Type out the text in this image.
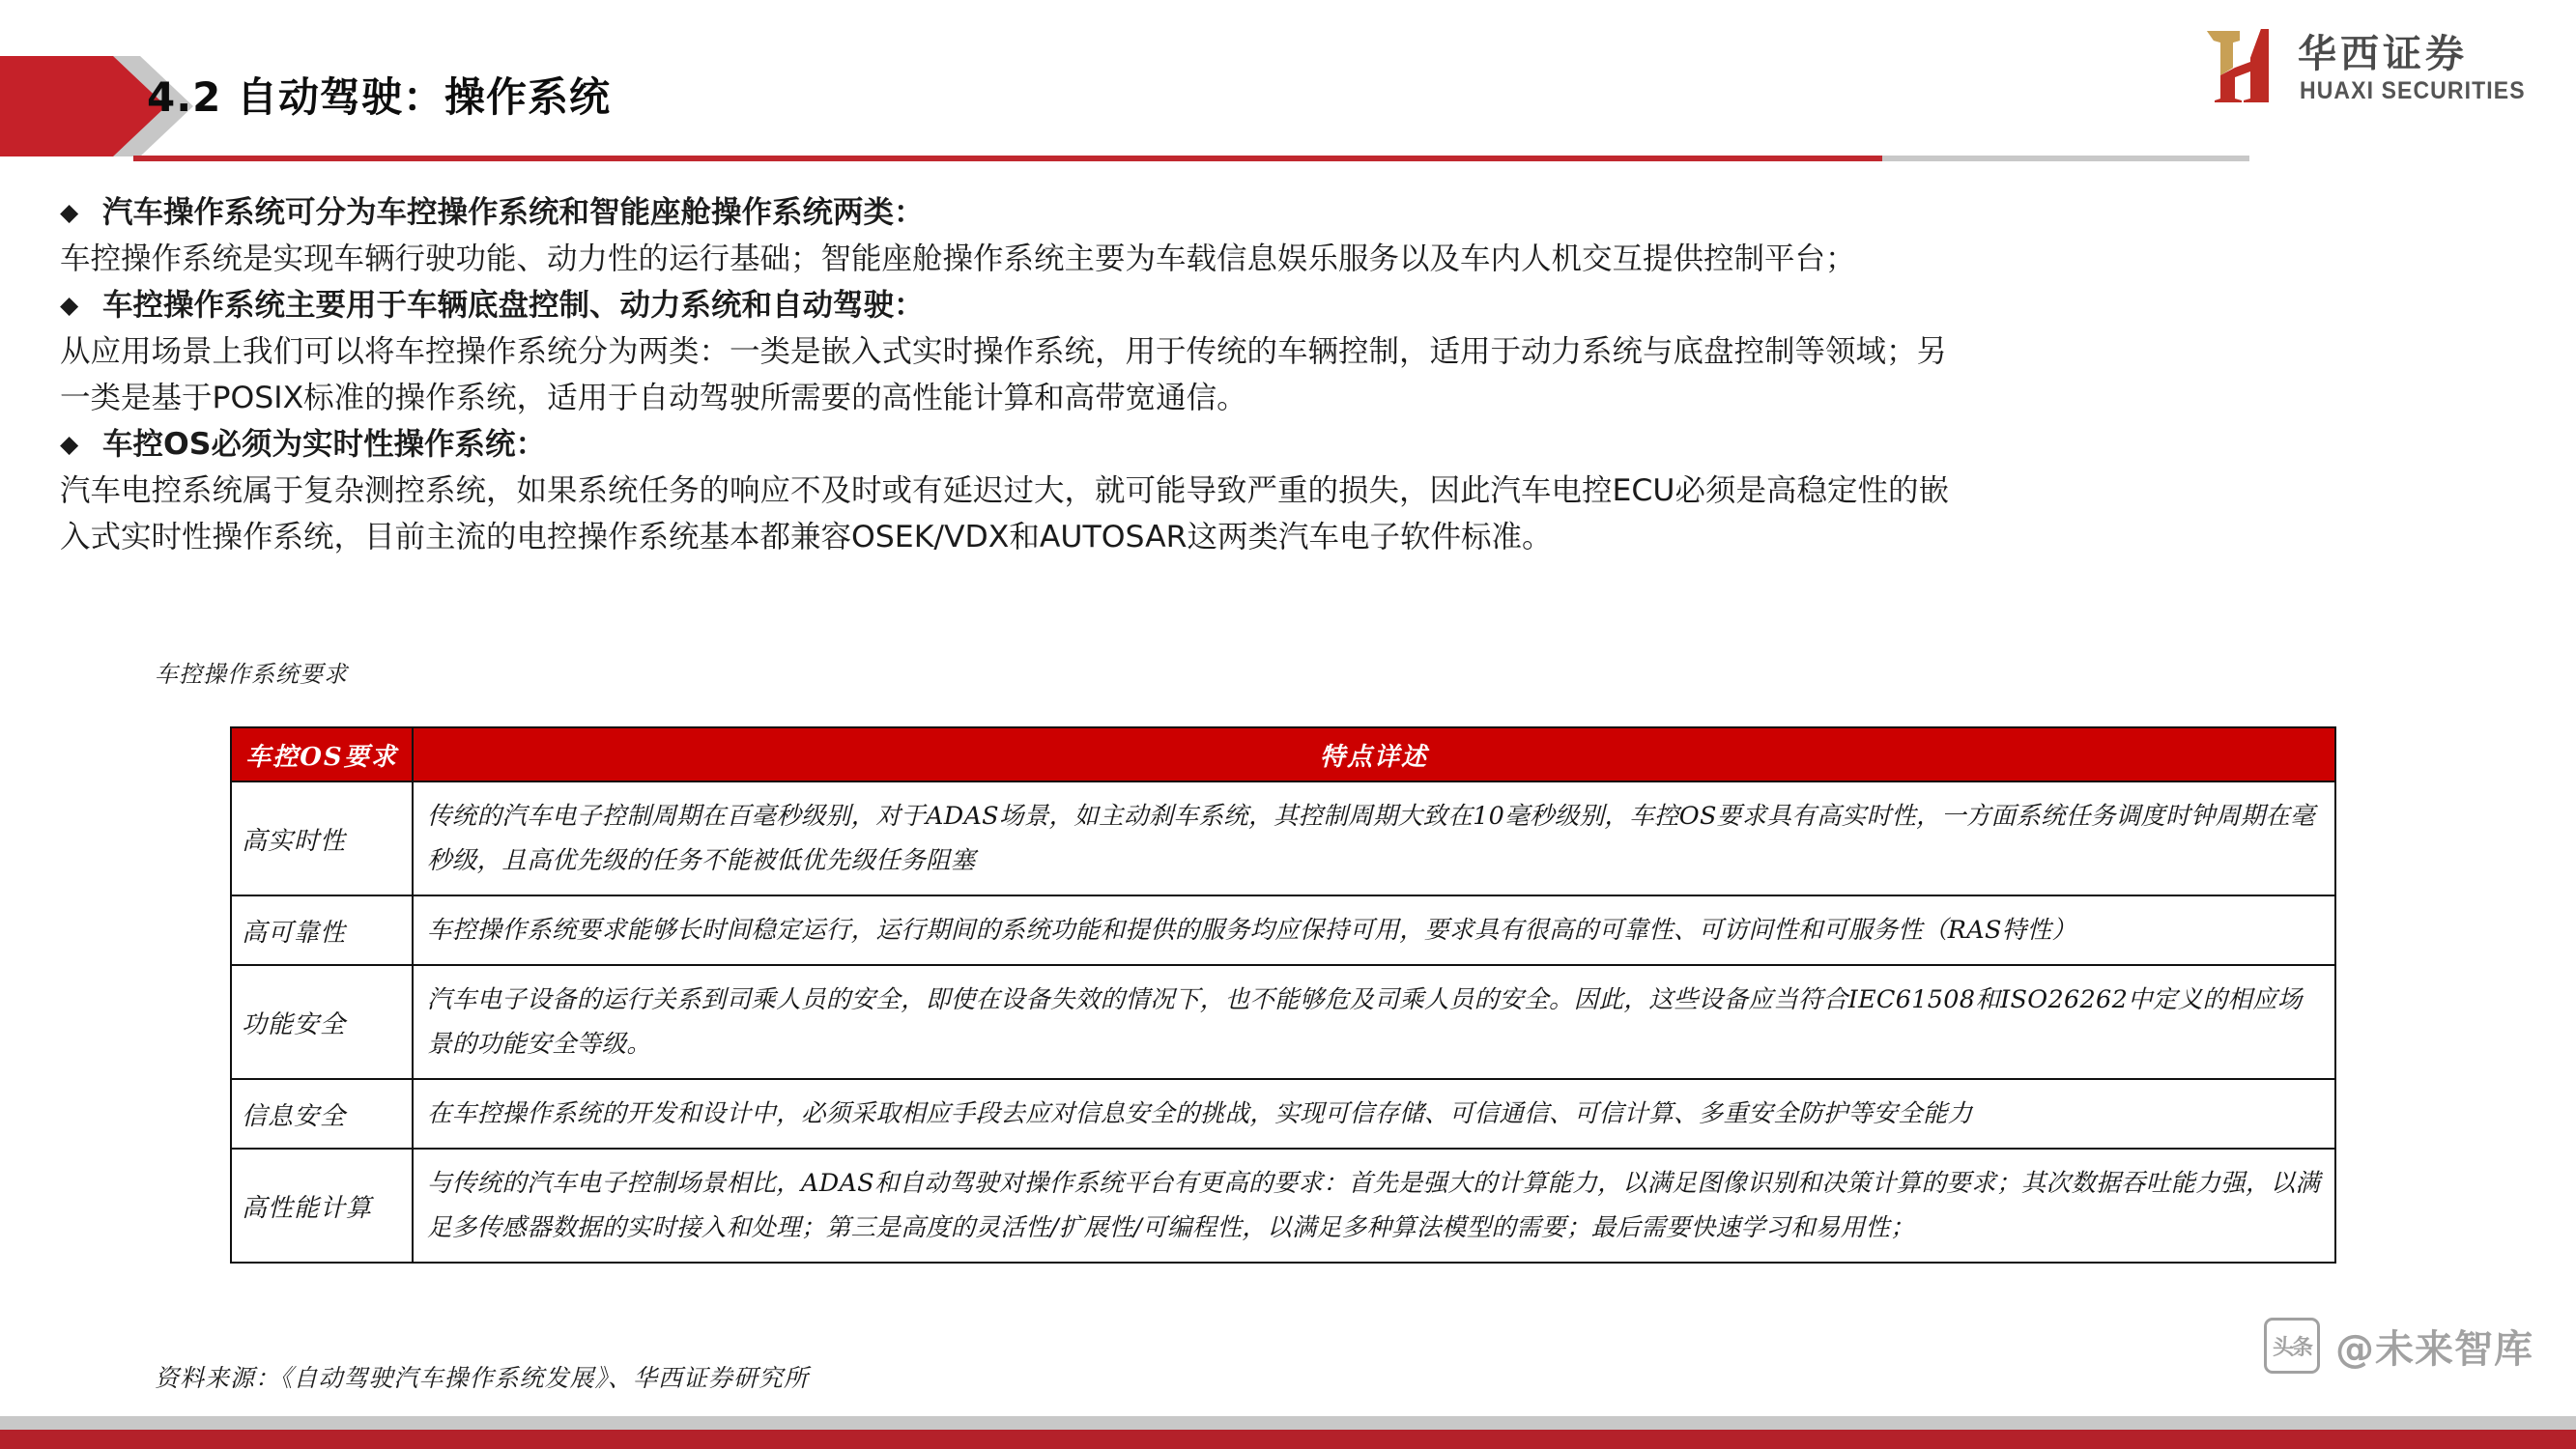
4.2 自动驾驶：操作系统
华西证券
HUAXI SECURITIES
◆ 汽车操作系统可分为车控操作系统和智能座舱操作系统两类：
车控操作系统是实现车辆行驶功能、动力性的运行基础；智能座舱操作系统主要为车载信息娱乐服务以及车内人机交互提供控制平台；
◆ 车控操作系统主要用于车辆底盘控制、动力系统和自动驾驶：
从应用场景上我们可以将车控操作系统分为两类：一类是嵌入式实时操作系统，用于传统的车辆控制，适用于动力系统与底盘控制等领域；另
一类是基于POSIX标准的操作系统，适用于自动驾驶所需要的高性能计算和高带宽通信。
◆ 车控OS必须为实时性操作系统：
汽车电控系统属于复杂测控系统，如果系统任务的响应不及时或有延迟过大，就可能导致严重的损失，因此汽车电控ECU必须是高稳定性的嵌
入式实时性操作系统，目前主流的电控操作系统基本都兼容OSEK/VDX和AUTOSAR这两类汽车电子软件标准。
车控操作系统要求
车控OS要求	特点详述
高实时性	传统的汽车电子控制周期在百毫秒级别，对于ADAS场景，如主动刹车系统，其控制周期大致在10毫秒级别，车控OS要求具有高实时性，一方面系统任务调度时钟周期在毫秒级，且高优先级的任务不能被低优先级任务阻塞
高可靠性	车控操作系统要求能够长时间稳定运行，运行期间的系统功能和提供的服务均应保持可用，要求具有很高的可靠性、可访问性和可服务性（RAS特性）
功能安全	汽车电子设备的运行关系到司乘人员的安全，即使在设备失效的情况下，也不能够危及司乘人员的安全。因此，这些设备应当符合IEC61508和ISO26262中定义的相应场景的功能安全等级。
信息安全	在车控操作系统的开发和设计中，必须采取相应手段去应对信息安全的挑战，实现可信存储、可信通信、可信计算、多重安全防护等安全能力
高性能计算	与传统的汽车电子控制场景相比，ADAS和自动驾驶对操作系统平台有更高的要求：首先是强大的计算能力，以满足图像识别和决策计算的要求；其次数据吞吐能力强，以满足多传感器数据的实时接入和处理；第三是高度的灵活性/扩展性/可编程性，以满足多种算法模型的需要；最后需要快速学习和易用性；
资料来源：《自动驾驶汽车操作系统发展》、华西证券研究所
头条 @未来智库
